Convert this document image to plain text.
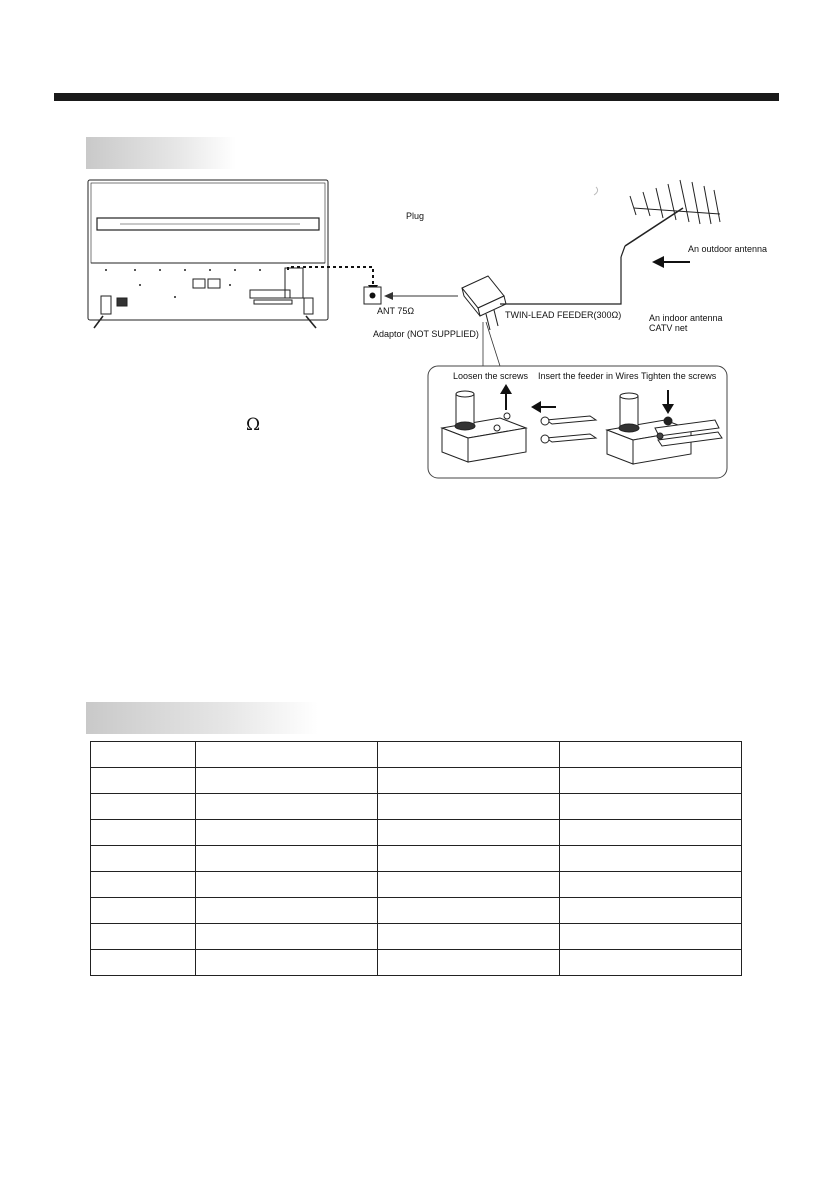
Plug
An outdoor antenna
ANT 75Ω	TWIN-LEAD FEEDER(300Ω)	An indoor antenna
CATV net
Adaptor (NOT SUPPLIED)
Loosen the screws Insert the feeder in Wires Tighten the screws
Ω
